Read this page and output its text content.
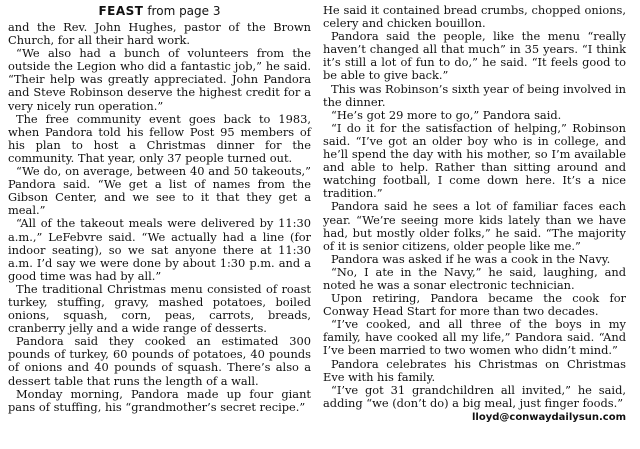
FEAST from page 3

and the Rev. John Hughes, pastor of the Brown Church, for all their hard work.

“We also had a bunch of volunteers from the outside the Legion who did a fantastic job,” he said. “Their help was greatly appreciated. John Pandora and Steve Robinson deserve the highest credit for a very nicely run operation.”

The free community event goes back to 1983, when Pandora told his fellow Post 95 members of his plan to host a Christmas dinner for the community. That year, only 37 people turned out.

“We do, on average, between 40 and 50 takeouts,” Pandora said. “We get a list of names from the Gibson Center, and we see to it that they get a meal.”

“All of the takeout meals were delivered by 11:30 a.m.,” LeFebvre said. “We actually had a line (for indoor seating), so we sat anyone there at 11:30 a.m. I’d say we were done by about 1:30 p.m. and a good time was had by all.”

The traditional Christmas menu consisted of roast turkey, stuffing, gravy, mashed potatoes, boiled onions, squash, corn, peas, carrots, breads, cranberry jelly and a wide range of desserts.

Pandora said they cooked an estimated 300 pounds of turkey, 60 pounds of potatoes, 40 pounds of onions and 40 pounds of squash. There’s also a dessert table that runs the length of a wall.

Monday morning, Pandora made up four giant pans of stuffing, his “grandmother’s secret recipe.”

He said it contained bread crumbs, chopped onions, celery and chicken bouillon.

Pandora said the people, like the menu “really haven’t changed all that much” in 35 years. “I think it’s still a lot of fun to do,” he said. “It feels good to be able to give back.”

This was Robinson’s sixth year of being involved in the dinner.

“He’s got 29 more to go,” Pandora said.

“I do it for the satisfaction of helping,” Robinson said. “I’ve got an older boy who is in college, and he’ll spend the day with his mother, so I’m available and able to help. Rather than sitting around and watching football, I come down here. It’s a nice tradition.”

Pandora said he sees a lot of familiar faces each year. “We’re seeing more kids lately than we have had, but mostly older folks,” he said. “The majority of it is senior citizens, older people like me.”

Pandora was asked if he was a cook in the Navy.

“No, I ate in the Navy,” he said, laughing, and noted he was a sonar electronic technician.

Upon retiring, Pandora became the cook for Conway Head Start for more than two decades.

“I’ve cooked, and all three of the boys in my family, have cooked all my life,” Pandora said. “And I’ve been married to two women who didn’t mind.”

Pandora celebrates his Christmas on Christmas Eve with his family.

“I’ve got 31 grandchildren all invited,” he said, adding “we (don’t do) a big meal, just finger foods.”

lloyd@conwaydailysun.com
